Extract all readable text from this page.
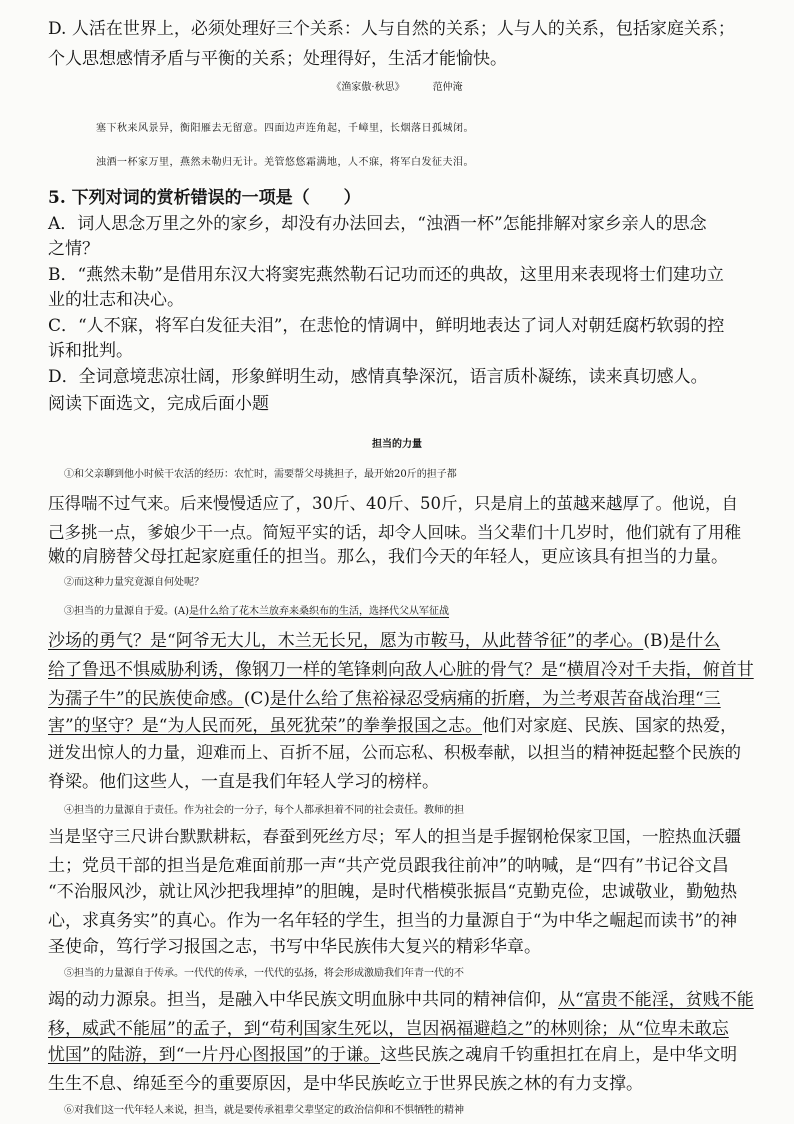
D. 人活在世界上，必须处理好三个关系：人与自然的关系；人与人的关系，包括家庭关系；
个人思想感情矛盾与平衡的关系；处理得好，生活才能愉快。
《渔家傲·秋思》	范仲淹
塞下秋来风景异，衡阳雁去无留意。四面边声连角起，千嶂里，长烟落日孤城闭。
浊酒一杯家万里，燕然未勒归无计。羌管悠悠霜满地，人不寐，将军白发征夫泪。
5. 下列对词的赏析错误的一项是（　　）
A．词人思念万里之外的家乡，却没有办法回去，“浊酒一杯”怎能排解对家乡亲人的思念
之情？
B．“燕然未勒”是借用东汉大将窦宪燕然勒石记功而还的典故，这里用来表现将士们建功立
业的壮志和决心。
C．“人不寐，将军白发征夫泪”，在悲怆的情调中，鲜明地表达了词人对朝廷腐朽软弱的控
诉和批判。
D．全词意境悲凉壮阔，形象鲜明生动，感情真挚深沉，语言质朴凝练，读来真切感人。
阅读下面选文，完成后面小题
担当的力量
①和父亲聊到他小时候干农活的经历：农忙时，需要帮父母挑担子，最开始20斤的担子都
压得喘不过气来。后来慢慢适应了，30斤、40斤、50斤，只是肩上的茧越来越厚了。他说，自
己多挑一点，爹娘少干一点。简短平实的话，却令人回味。当父辈们十几岁时，他们就有了用稚
嫩的肩膀替父母扛起家庭重任的担当。那么，我们今天的年轻人，更应该具有担当的力量。
②而这种力量究竟源自何处呢？
③担当的力量源自于爱。(A)是什么给了花木兰放弃来桑织布的生活，选择代父从军征战
沙场的勇气？是“阿爷无大儿，木兰无长兄，愿为市鞍马，从此替爷征”的孝心。(B)是什么
给了鲁迅不惧威胁利诱，像钢刀一样的笔锋刺向敌人心脏的骨气？是“横眉冷对千夫指，俯首甘
为孺子牛”的民族使命感。(C)是什么给了焦裕禄忍受病痛的折磨，为兰考艰苦奋战治理“三
害”的坚守？是“为人民而死，虽死犹荣”的拳拳报国之志。他们对家庭、民族、国家的热爱，
迸发出惊人的力量，迎难而上、百折不屈，公而忘私、积极奉献，以担当的精神挺起整个民族的
脊梁。他们这些人，一直是我们年轻人学习的榜样。
④担当的力量源自于责任。作为社会的一分子，每个人都承担着不同的社会责任。教师的担
当是坚守三尺讲台默默耕耘，春蚕到死丝方尽；军人的担当是手握钢枪保家卫国，一腔热血沃疆
土；党员干部的担当是危难面前那一声“共产党员跟我往前冲”的呐喊，是“四有”书记谷文昌
“不治服风沙，就让风沙把我埋掉”的胆魄，是时代楷模张振昌“克勤克俭，忠诚敬业，勤勉热
心，求真务实”的真心。作为一名年轻的学生，担当的力量源自于“为中华之崛起而读书”的神
圣使命，笃行学习报国之志，书写中华民族伟大复兴的精彩华章。
⑤担当的力量源自于传承。一代代的传承，一代代的弘扬，将会形成激励我们年青一代的不
竭的动力源泉。担当，是融入中华民族文明血脉中共同的精神信仰，从“富贵不能淫，贫贱不能
移，威武不能屈”的孟子，到“苟利国家生死以，岂因祸福避趋之”的林则徐；从“位卑未敢忘
忧国”的陆游，到“一片丹心图报国”的于谦。这些民族之魂肩千钧重担扛在肩上，是中华文明
生生不息、绵延至今的重要原因，是中华民族屹立于世界民族之林的有力支撑。
⑥对我们这一代年轻人来说，担当，就是要传承祖辈父辈坚定的政治信仰和不惧牺牲的精神
